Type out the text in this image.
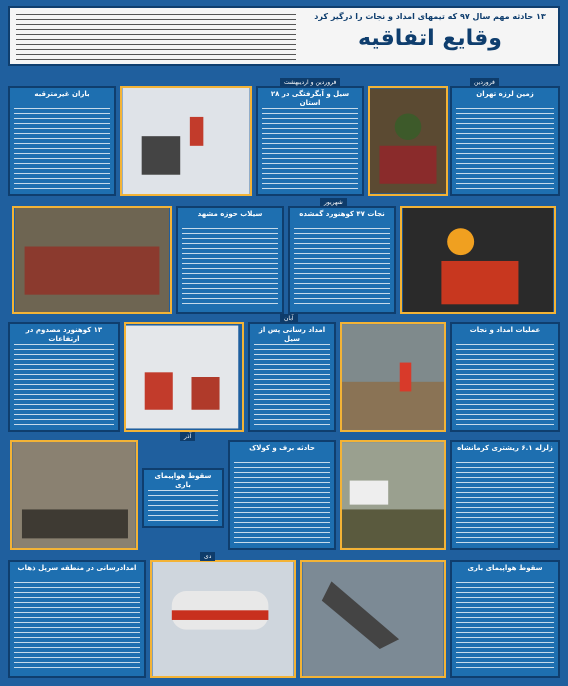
۱۳ حادثه مهم سال ۹۷ که تیمهای امداد و نجات را درگیر کرد
وقایع اتفاقیه
زمین لرزه تهران
سیل و آبگرفتگی در ۲۸ استان
باران غیرمترقبه
نجات ۴۷ کوهنورد گمشده
سیلاب حوزه مشهد
عملیات امداد و نجات
امداد رسانی پس از سیل
۱۳ کوهنورد مصدوم در ارتفاعات
زلزله ۶.۱ ریشتری کرمانشاه
حادثه برف و کولاک
سقوط هواپیمای باری
سقوط هواپیمای باری
امدادرسانی در منطقه سرپل ذهاب
فروردین
فروردین و اردیبهشت
شهریور
آبان
آذر
دی
